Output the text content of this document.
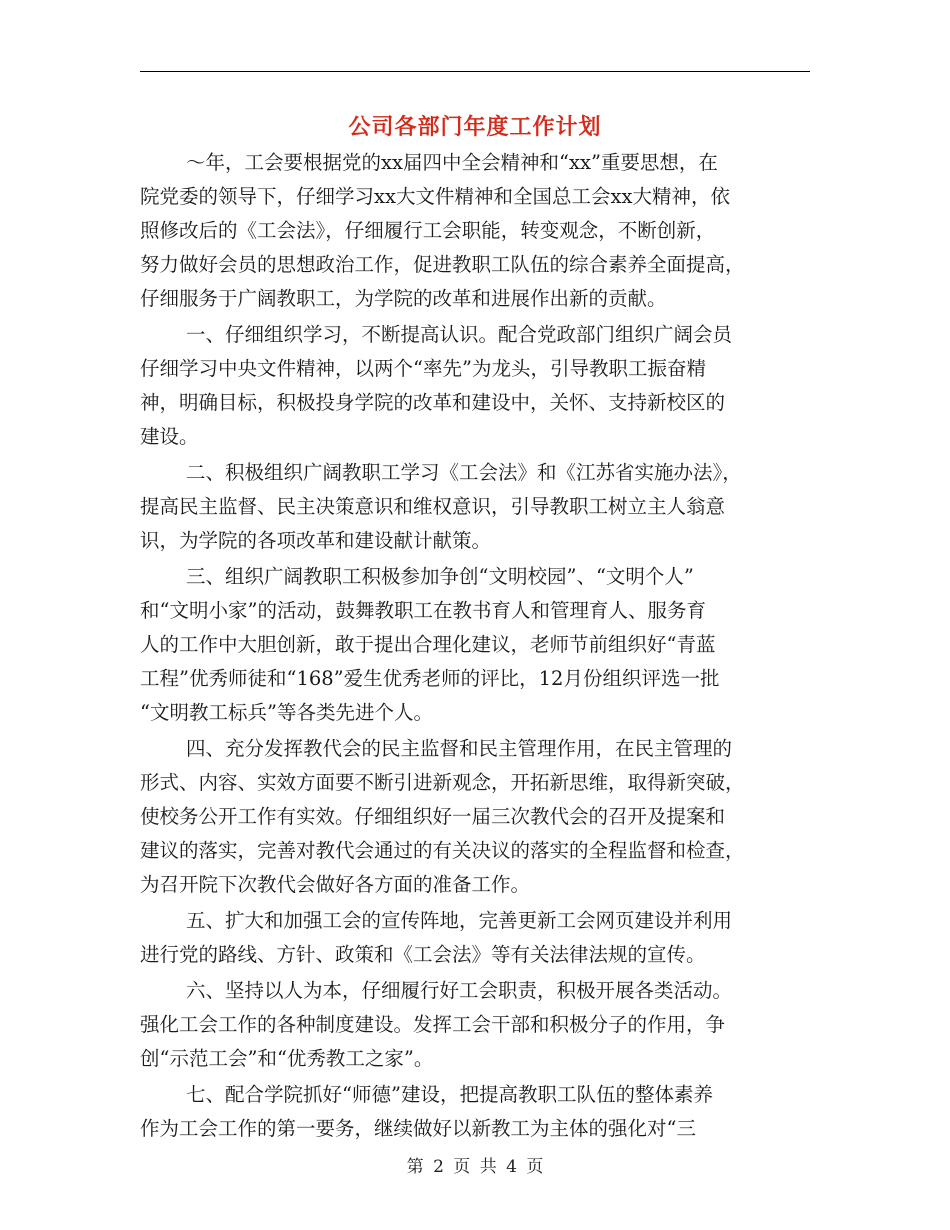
公司各部门年度工作计划
～年，工会要根据党的xx届四中全会精神和“xx”重要思想，在
院党委的领导下，仔细学习xx大文件精神和全国总工会xx大精神，依
照修改后的《工会法》，仔细履行工会职能，转变观念，不断创新，
努力做好会员的思想政治工作，促进教职工队伍的综合素养全面提高，
仔细服务于广阔教职工，为学院的改革和进展作出新的贡献。
一、仔细组织学习，不断提高认识。配合党政部门组织广阔会员
仔细学习中央文件精神，以两个“率先”为龙头，引导教职工振奋精
神，明确目标，积极投身学院的改革和建设中，关怀、支持新校区的
建设。
二、积极组织广阔教职工学习《工会法》和《江苏省实施办法》，
提高民主监督、民主决策意识和维权意识，引导教职工树立主人翁意
识，为学院的各项改革和建设献计献策。
三、组织广阔教职工积极参加争创“文明校园”、“文明个人”
和“文明小家”的活动，鼓舞教职工在教书育人和管理育人、服务育
人的工作中大胆创新，敢于提出合理化建议，老师节前组织好“青蓝
工程”优秀师徒和“168”爱生优秀老师的评比，12月份组织评选一批
“文明教工标兵”等各类先进个人。
四、充分发挥教代会的民主监督和民主管理作用，在民主管理的
形式、内容、实效方面要不断引进新观念，开拓新思维，取得新突破，
使校务公开工作有实效。仔细组织好一届三次教代会的召开及提案和
建议的落实，完善对教代会通过的有关决议的落实的全程监督和检查，
为召开院下次教代会做好各方面的准备工作。
五、扩大和加强工会的宣传阵地，完善更新工会网页建设并利用
进行党的路线、方针、政策和《工会法》等有关法律法规的宣传。
六、坚持以人为本，仔细履行好工会职责，积极开展各类活动。
强化工会工作的各种制度建设。发挥工会干部和积极分子的作用，争
创“示范工会”和“优秀教工之家”。
七、配合学院抓好“师德”建设，把提高教职工队伍的整体素养
作为工会工作的第一要务，继续做好以新教工为主体的强化对“三
第 2 页 共 4 页
